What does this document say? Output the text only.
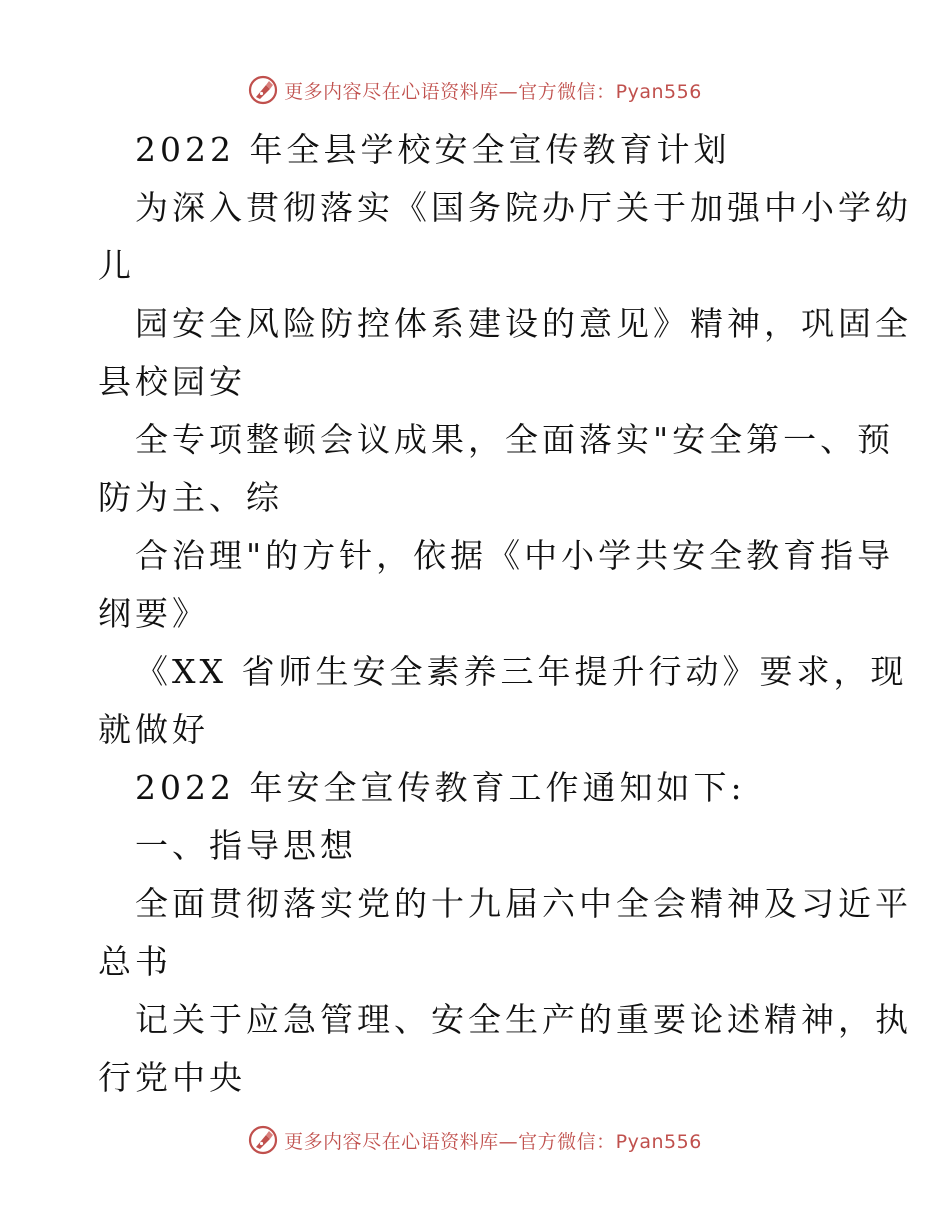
更多内容尽在心语资料库—官方微信：Pyan556
2022 年全县学校安全宣传教育计划
为深入贯彻落实《国务院办厅关于加强中小学幼
儿
园安全风险防控体系建设的意见》精神，巩固全
县校园安
全专项整顿会议成果，全面落实"安全第一、预
防为主、综
合治理"的方针，依据《中小学共安全教育指导
纲要》
《XX 省师生安全素养三年提升行动》要求，现
就做好
2022 年安全宣传教育工作通知如下:
一、指导思想
全面贯彻落实党的十九届六中全会精神及习近平
总书
记关于应急管理、安全生产的重要论述精神，执
行党中央
更多内容尽在心语资料库—官方微信：Pyan556
